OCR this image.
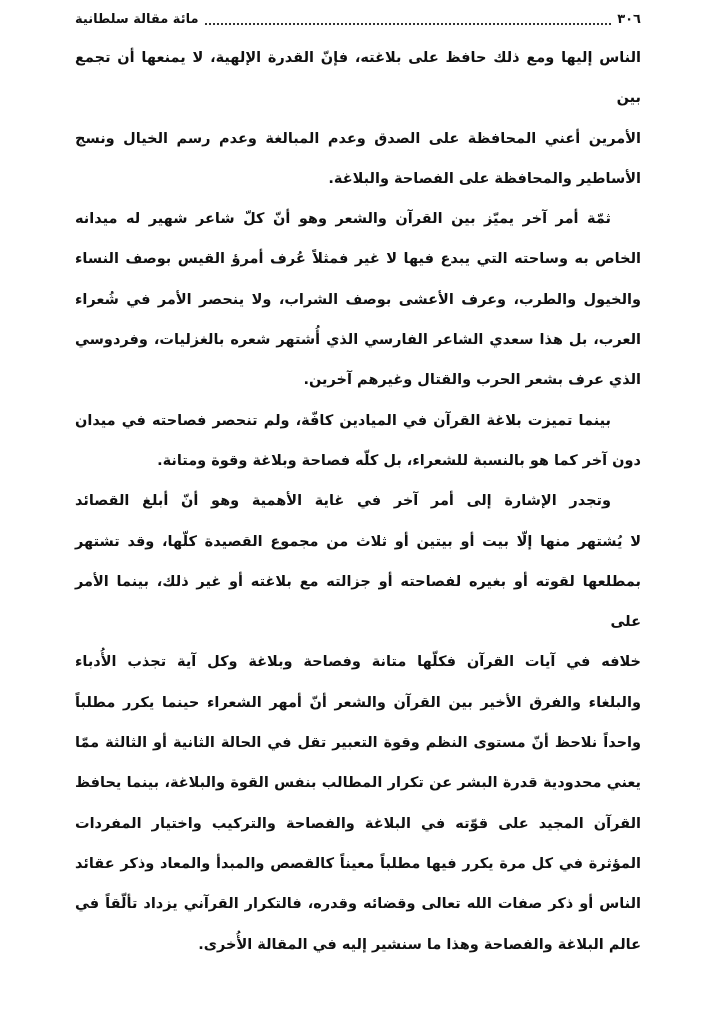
٣٠٦
مائة مقالة سلطانية
الناس إليها ومع ذلك حافظ على بلاغته، فإنّ القدرة الإلهية، لا يمنعها أن تجمع بين
الأمرين أعني المحافظة على الصدق وعدم المبالغة وعدم رسم الخيال ونسج
الأساطير والمحافظة على الفصاحة والبلاغة.
ثمّة أمر آخر يميّز بين القرآن والشعر وهو أنّ كلّ شاعر شهير له ميدانه
الخاص به وساحته التي يبدع فيها لا غير فمثلاً عُرف أمرؤ القيس بوصف النساء
والخيول والطرب، وعرف الأعشى بوصف الشراب، ولا ينحصر الأمر في شُعراء
العرب، بل هذا سعدي الشاعر الفارسي الذي أُشتهر شعره بالغزليات، وفردوسي
الذي عرف بشعر الحرب والقتال وغيرهم آخرين.
بينما تميزت بلاغة القرآن في الميادين كافّة، ولم تنحصر فصاحته في ميدان
دون آخر كما هو بالنسبة للشعراء، بل كلّه فصاحة وبلاغة وقوة ومتانة.
وتجدر الإشارة إلى أمر آخر في غاية الأهمية وهو أنّ أبلغ القصائد
لا يُشتهر منها إلّا بيت أو بيتين أو ثلاث من مجموع القصيدة كلّها، وقد تشتهر
بمطلعها لقوته أو بغيره لفصاحته أو جزالته مع بلاغته أو غير ذلك، بينما الأمر على
خلافه في آيات القرآن فكلّها متانة وفصاحة وبلاغة وكل آية تجذب الأُدباء
والبلغاء والفرق الأخير بين القرآن والشعر أنّ أمهر الشعراء حينما يكرر مطلباً
واحداً نلاحظ أنّ مستوى النظم وقوة التعبير تقل في الحالة الثانية أو الثالثة ممّا
يعني محدودية قدرة البشر عن تكرار المطالب بنفس القوة والبلاغة، بينما يحافظ
القرآن المجيد على قوّته في البلاغة والفصاحة والتركيب واختيار المفردات
المؤثرة في كل مرة يكرر فيها مطلباً معيناً كالقصص والمبدأ والمعاد وذكر عقائد
الناس أو ذكر صفات الله تعالى وقضائه وقدره، فالتكرار القرآني يزداد تألّقاً في
عالم البلاغة والفصاحة وهذا ما سنشير إليه في المقالة الأُخرى.
